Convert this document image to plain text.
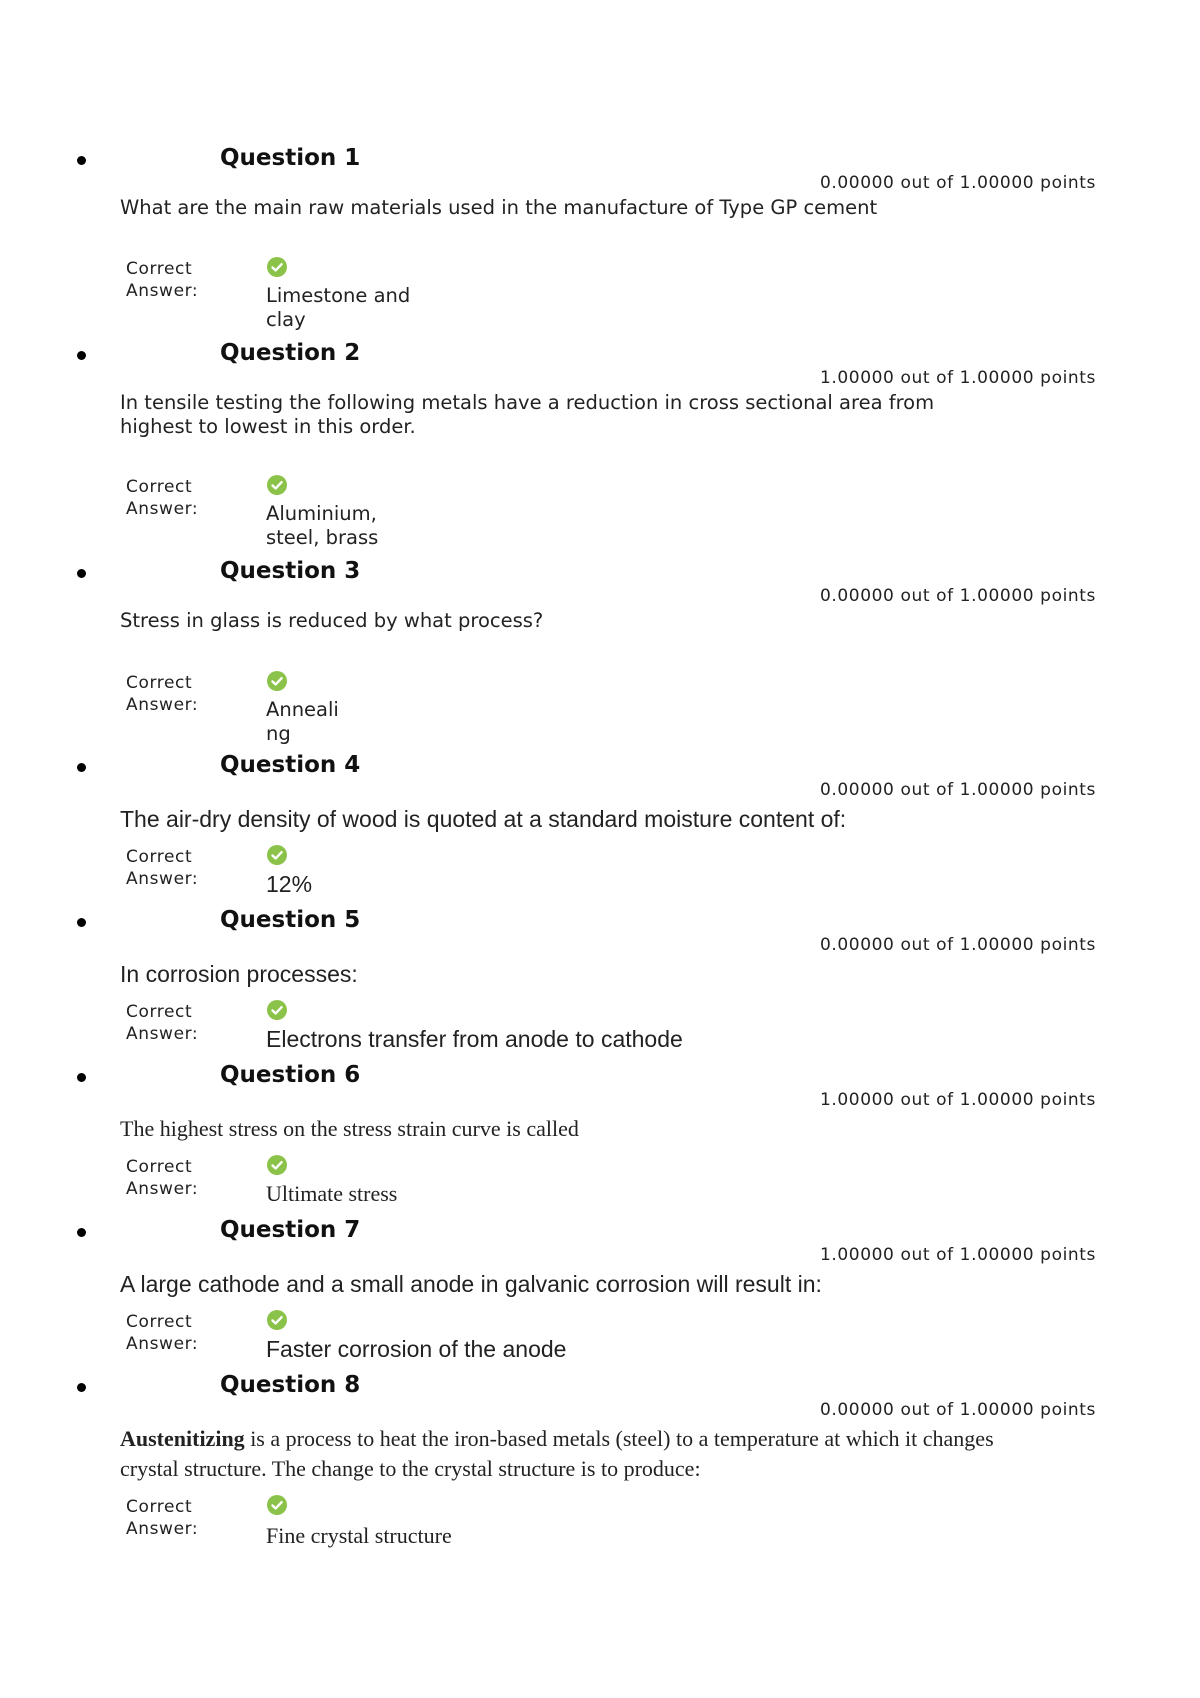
Question 1
0.00000 out of 1.00000 points
What are the main raw materials used in the manufacture of Type GP cement
Correct Answer:	Limestone and clay
Question 2
1.00000 out of 1.00000 points
In tensile testing the following metals have a reduction in cross sectional area from highest to lowest in this order.
Correct Answer:	Aluminium, steel, brass
Question 3
0.00000 out of 1.00000 points
Stress in glass is reduced by what process?
Correct Answer:	Annealing
Question 4
0.00000 out of 1.00000 points
The air-dry density of wood is quoted at a standard moisture content of:
Correct Answer:	12%
Question 5
0.00000 out of 1.00000 points
In corrosion processes:
Correct Answer:	Electrons transfer from anode to cathode
Question 6
1.00000 out of 1.00000 points
The highest stress on the stress strain curve is called
Correct Answer:	Ultimate stress
Question 7
1.00000 out of 1.00000 points
A large cathode and a small anode in galvanic corrosion will result in:
Correct Answer:	Faster corrosion of the anode
Question 8
0.00000 out of 1.00000 points
Austenitizing is a process to heat the iron-based metals (steel) to a temperature at which it changes crystal structure. The change to the crystal structure is to produce:
Correct Answer:	Fine crystal structure
